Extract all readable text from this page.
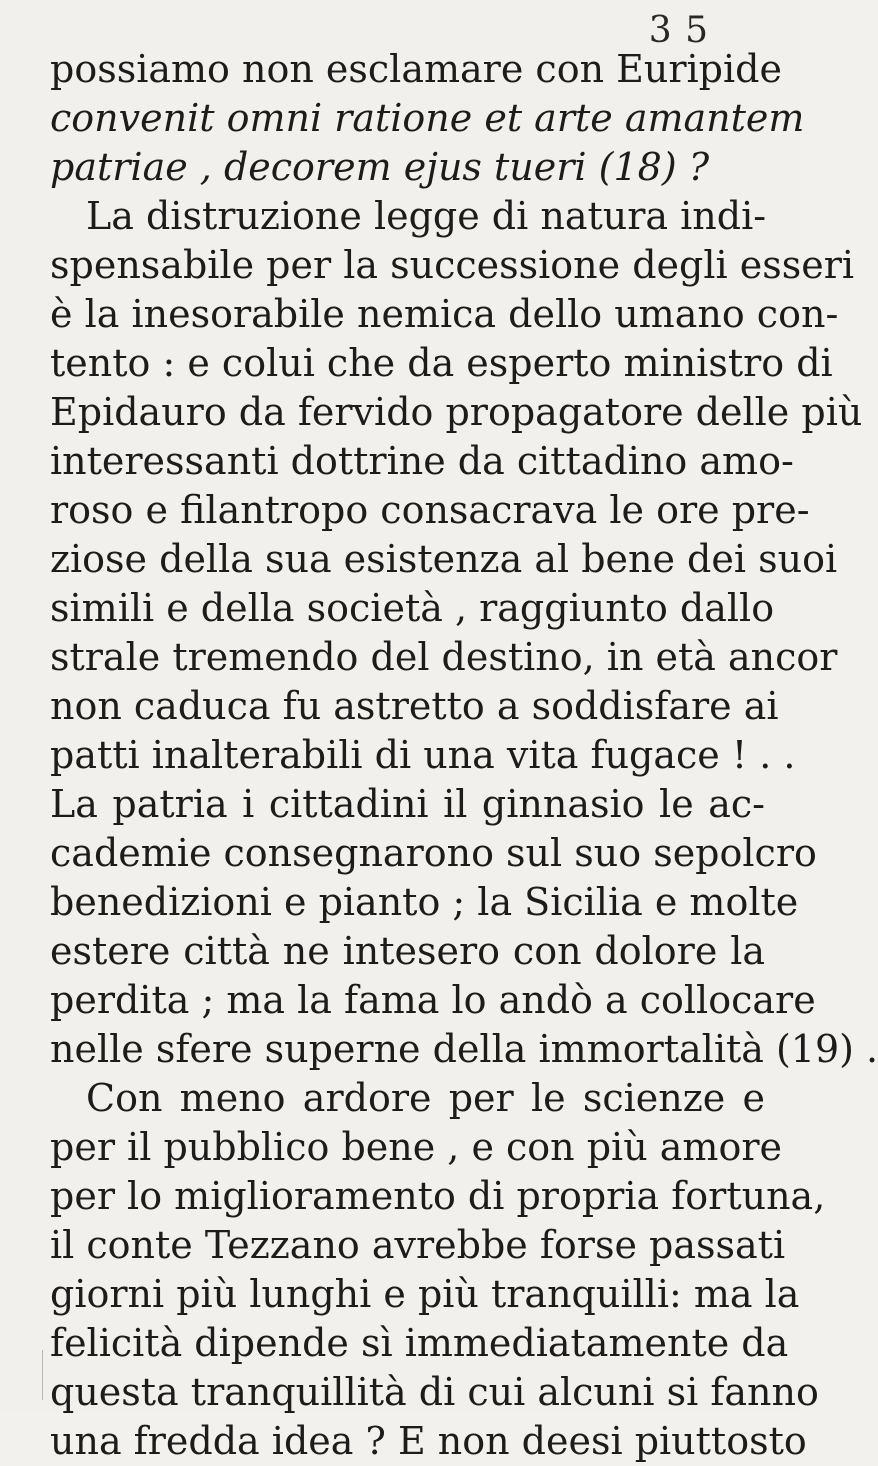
3 5
possiamo non esclamare con Euripide
convenit omni ratione et arte amantem
patriae , decorem ejus tueri (18) ?
La distruzione legge di natura indi-
spensabile per la successione degli esseri
è la inesorabile nemica dello umano con-
tento : e colui che da esperto ministro di
Epidauro da fervido propagatore delle più
interessanti dottrine da cittadino amo-
roso e filantropo consacrava le ore pre-
ziose della sua esistenza al bene dei suoi
simili e della società , raggiunto dallo
strale tremendo del destino, in età ancor
non caduca fu astretto a soddisfare ai
patti inalterabili di una vita fugace ! . .
La patria i cittadini il ginnasio le ac-
cademie consegnarono sul suo sepolcro
benedizioni e pianto ; la Sicilia e molte
estere città ne intesero con dolore la
perdita ; ma la fama lo andò a collocare
nelle sfere superne della immortalità (19) .
Con meno ardore per le scienze e
per il pubblico bene , e con più amore
per lo miglioramento di propria fortuna,
il conte Tezzano avrebbe forse passati
giorni più lunghi e più tranquilli: ma la
felicità dipende sì immediatamente da
questa tranquillità di cui alcuni si fanno
una fredda idea ? E non deesi piuttosto
